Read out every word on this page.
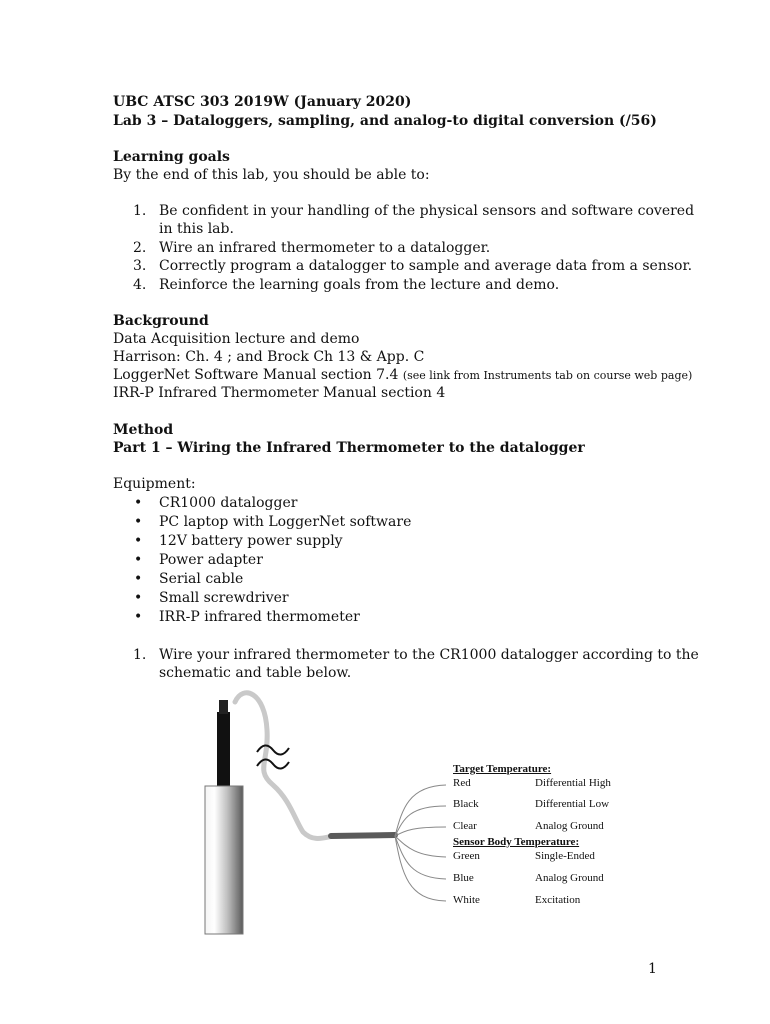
UBC ATSC 303 2019W (January 2020)
Lab 3 – Dataloggers, sampling, and analog-to digital conversion (/56)
Learning goals
By the end of this lab, you should be able to:
1. Be confident in your handling of the physical sensors and software covered
in this lab.
2. Wire an infrared thermometer to a datalogger.
3. Correctly program a datalogger to sample and average data from a sensor.
4. Reinforce the learning goals from the lecture and demo.
Background
Data Acquisition lecture and demo
Harrison: Ch. 4 ; and Brock Ch 13 & App. C
LoggerNet Software Manual section 7.4 (see link from Instruments tab on course web page)
IRR-P Infrared Thermometer Manual section 4
Method
Part 1 – Wiring the Infrared Thermometer to the datalogger
Equipment:
• CR1000 datalogger
• PC laptop with LoggerNet software
• 12V battery power supply
• Power adapter
• Serial cable
• Small screwdriver
• IRR-P infrared thermometer
1. Wire your infrared thermometer to the CR1000 datalogger according to the
schematic and table below.
Target Temperature:
Red	Differential High
Black	Differential Low
Clear	Analog Ground
Sensor Body Temperature:
Green	Single-Ended
Blue	Analog Ground
White	Excitation
1
